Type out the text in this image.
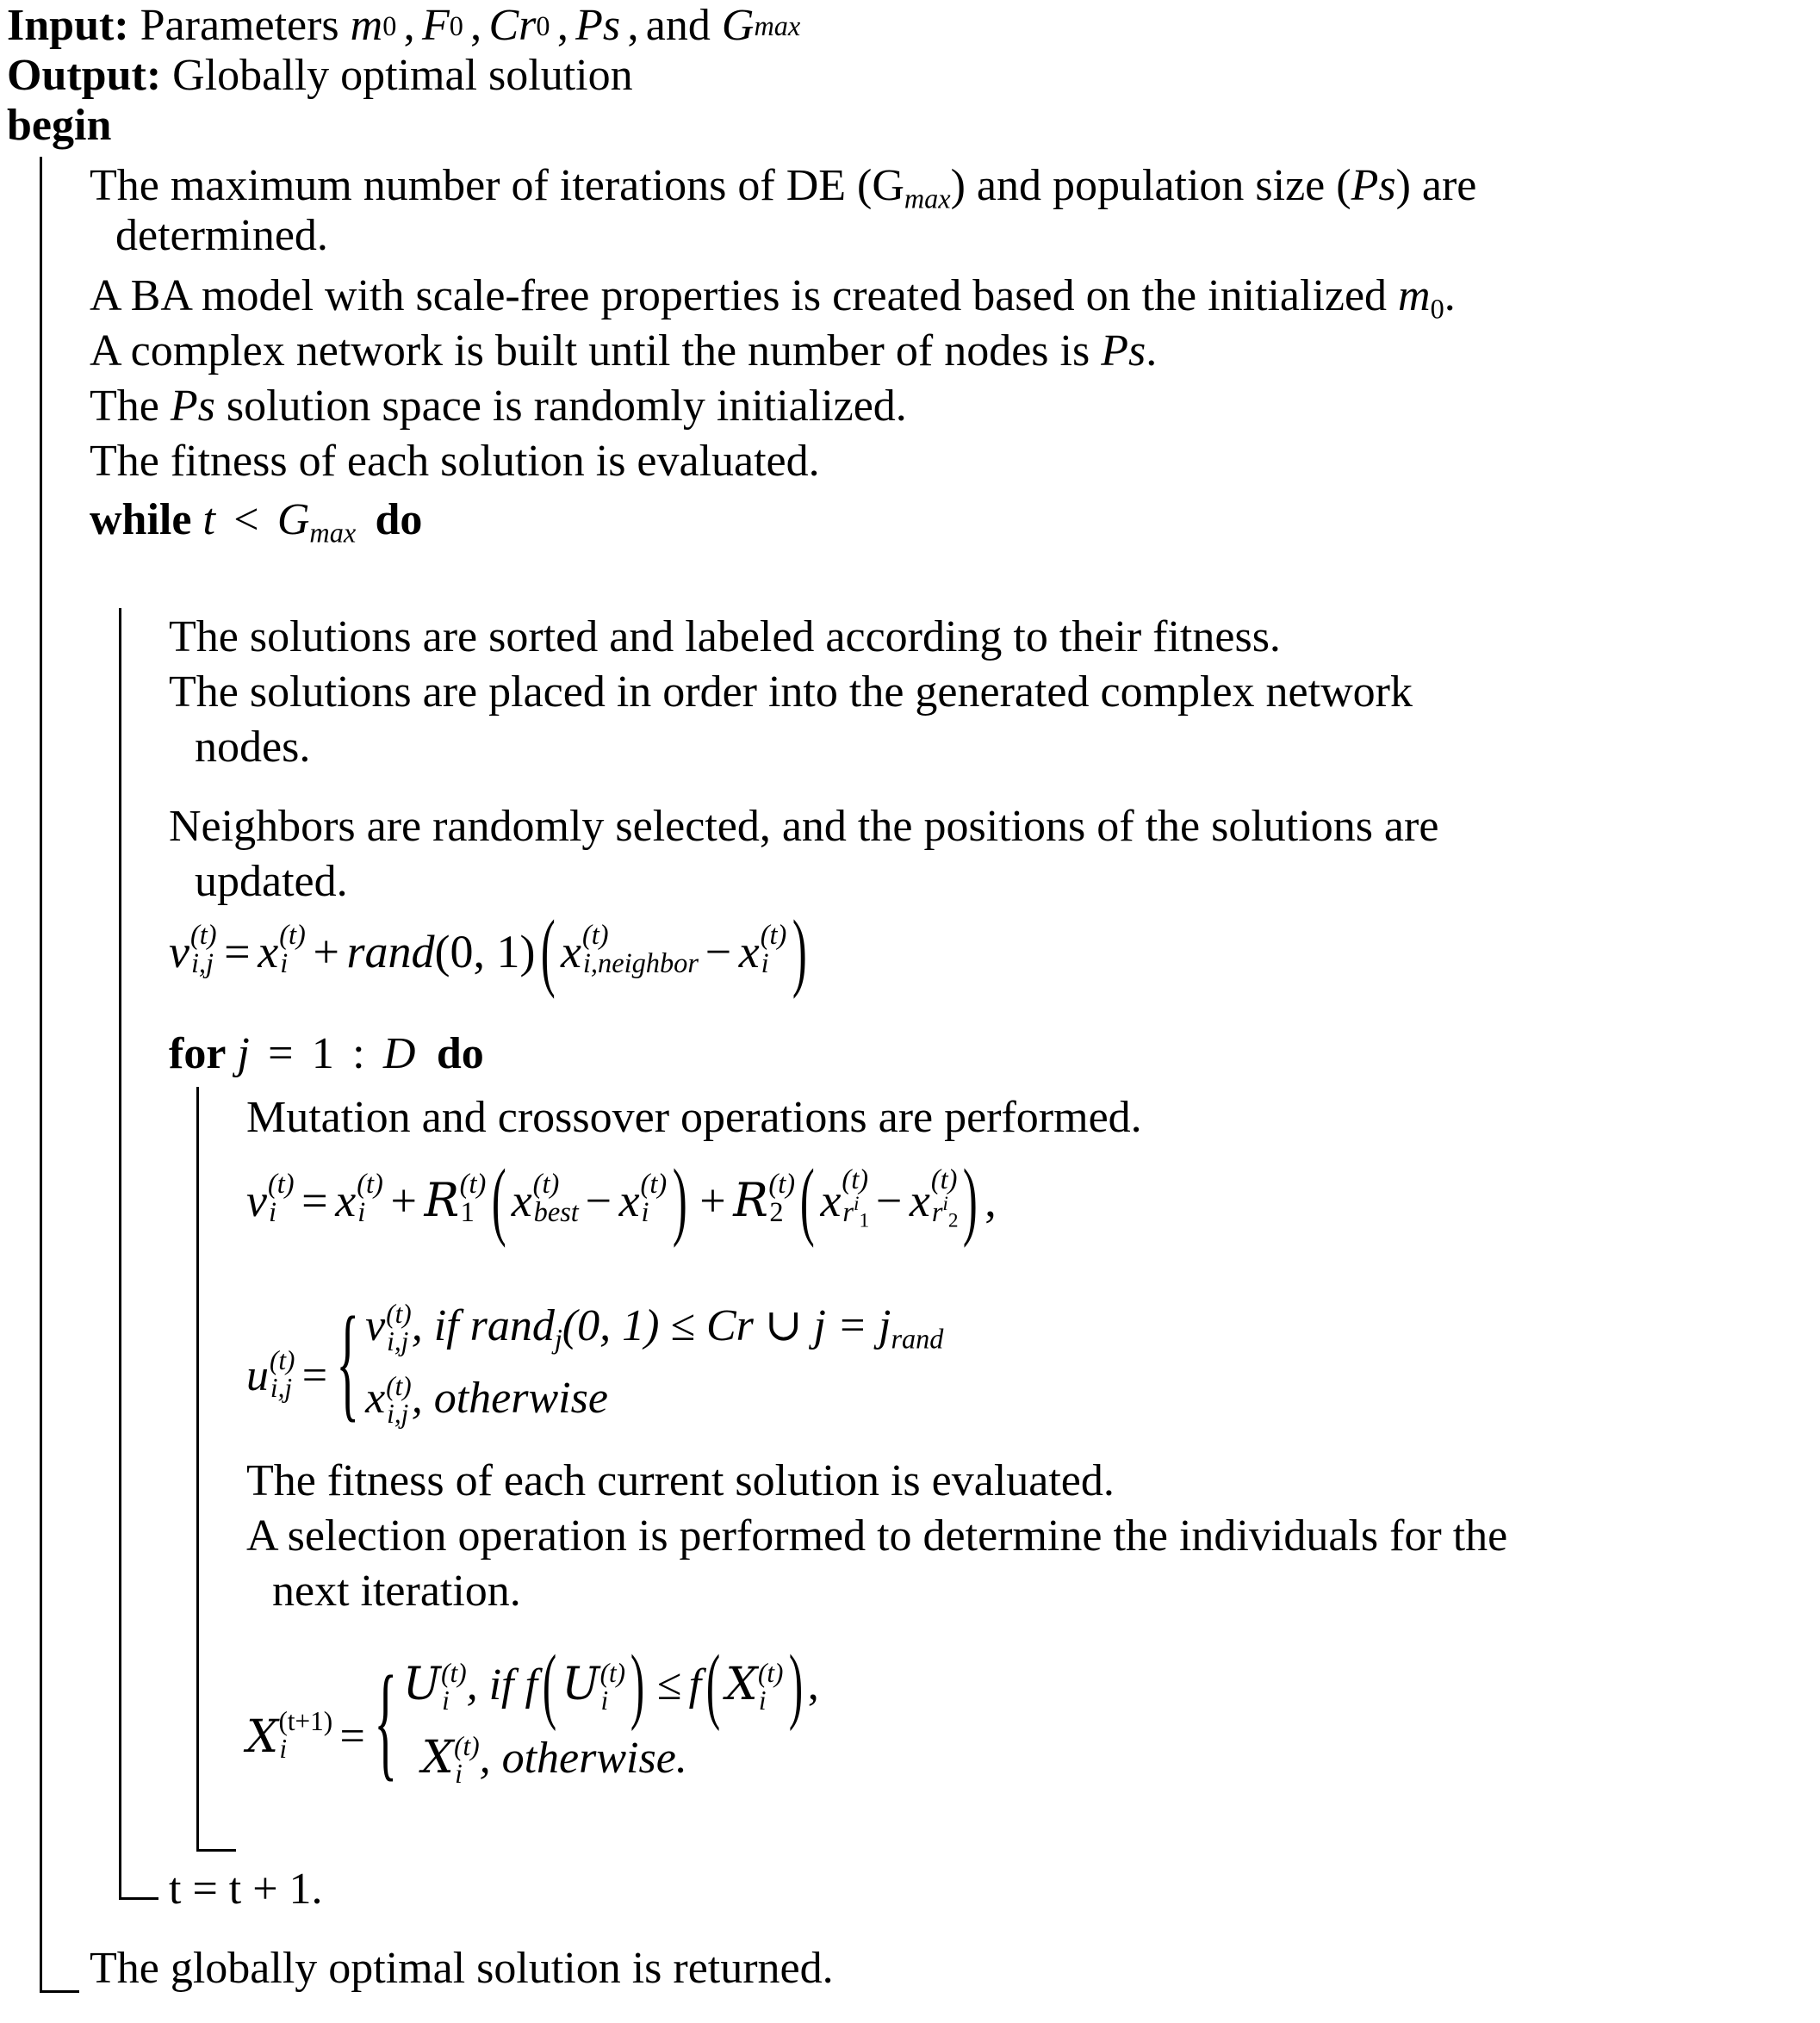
Input: Parameters m 0 , F 0 , Cr 0 , Ps , and
G max
Output: Globally optimal solution
begin
The maximum number of iterations of DE $(G_{max})$ and population size (Ps) are
determined.
A BA model with scale-free properties is created based on the initialized m0.
A complex network is built until the number of nodes is Ps.
The Ps solution space is randomly initialized.
The fitness of each solution is evaluated.
while $t < G_{max}$ do
The solutions are sorted and labeled according to their fitness.
The solutions are placed in order into the generated complex network
nodes.
Neighbors are randomly selected, and the positions of the solutions are
updated.
v (t)
i,j = x (t)
i + rand (0, 1) ( x (t)
i,neighbor − x (t)
i )
for j = 1 : D do
Mutation and crossover operations are performed.
v (t)
i = x (t)
i + R (t)
1 ( x (t)
best − x (t)
i ) + R (t)
2 ( x (t)
$r^i_1 - x$ (t)
$r^i_2$ ) ,
u (t)
i,j = { v (t)
i,j , if rand$_j$(0, 1) ≤ Cr ∪ $j = j_{rand}$
x (t)
i,j , otherwise
The fitness of each current solution is evaluated.
A selection operation is performed to determine the individuals for the
next iteration.
X (t+1)
i	= { U (t)
i , if f ( U (t)
i ) ≤ f ( X (t)
i ) ,
X (t)
i , otherwise.
t = t + 1.
The globally optimal solution is returned.
